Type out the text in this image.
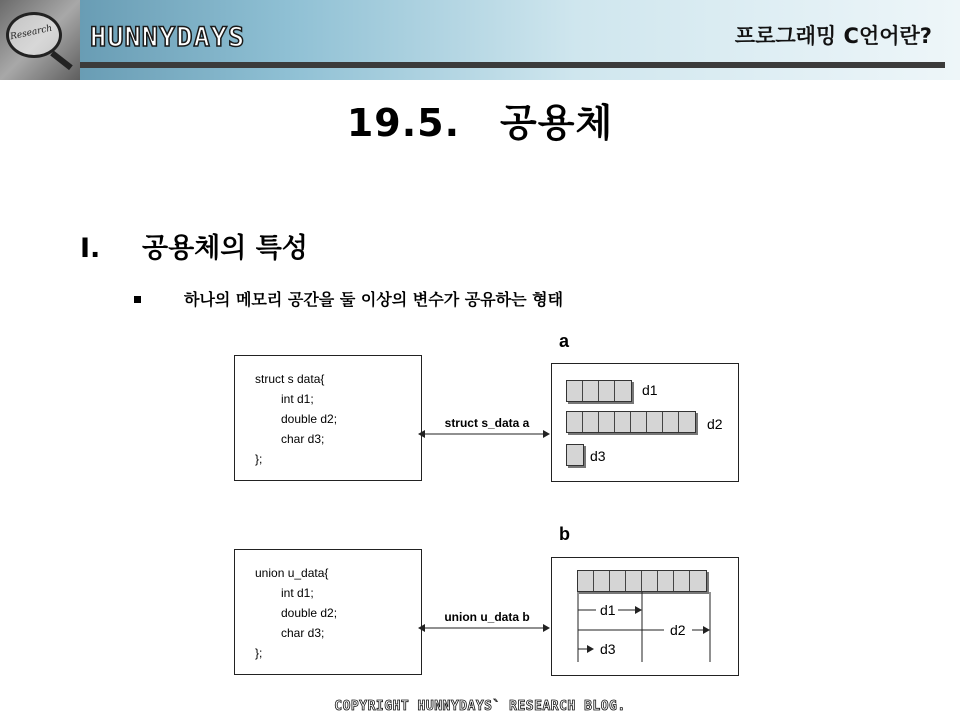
Research HUNNYDAYS	프로그래밍 C언어란?
19.5. 공용체
I. 공용체의 특성
하나의 메모리 공간을 둘 이상의 변수가 공유하는 형태
a
struct s data{
int d1;
double d2;
char d3;
};
struct s_data a
d1
d2
d3
b
union u_data{
int d1;
double d2;
char d3;
};
union u_data b	d1
d2
d3
COPYRIGHT HUNNYDAYS` RESEARCH BLOG.
